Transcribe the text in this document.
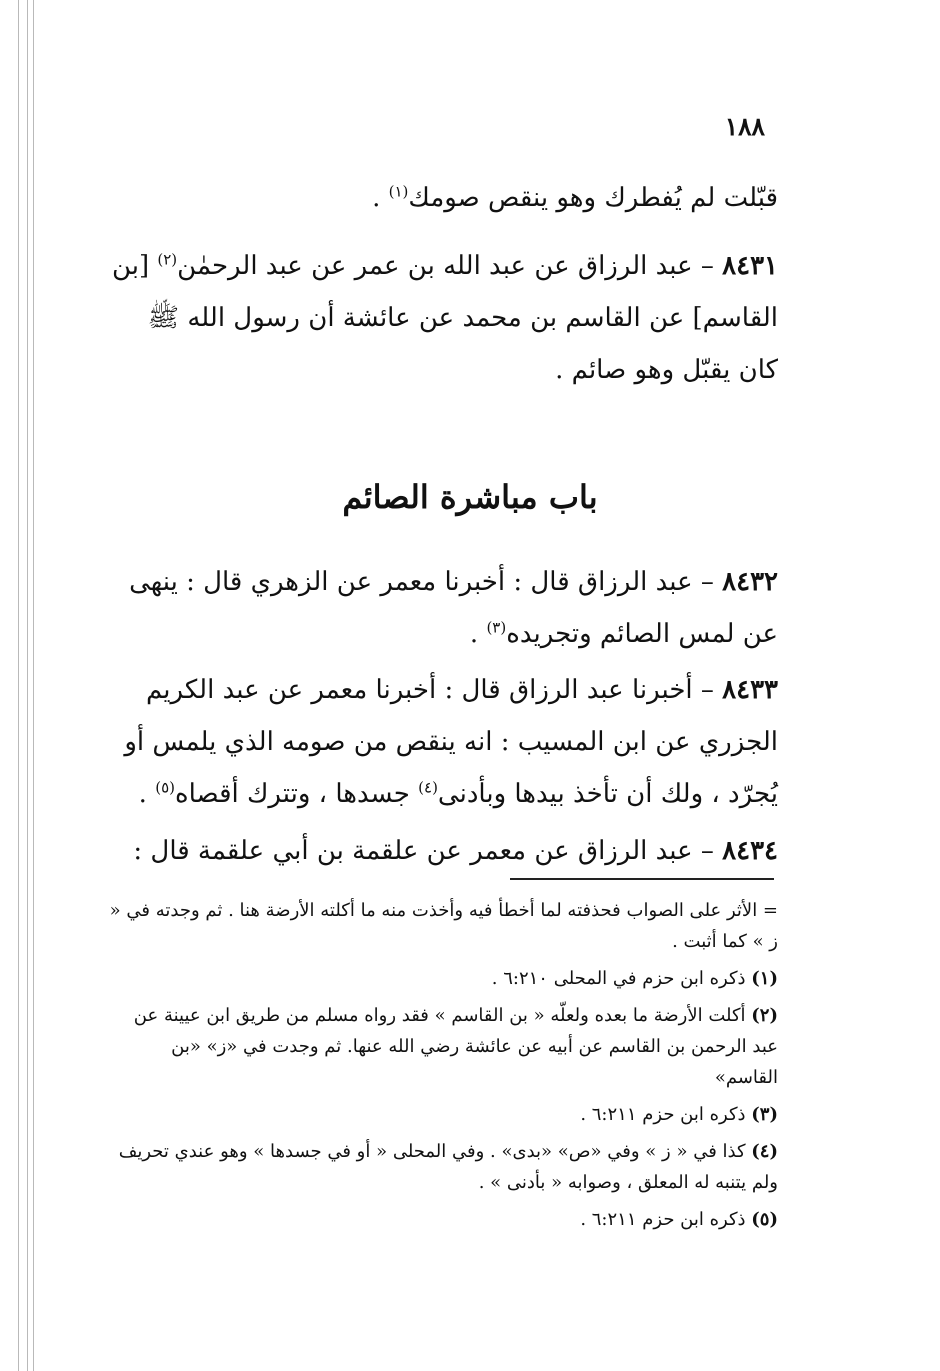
١٨٨

قبّلت لم يُفطرك وهو ينقص صومك$^{(١)}$ .

٨٤٣١ – عبد الرزاق عن عبد الله بن عمر عن عبد الرحمٰن$^{(٢)}$ [بن القاسم] عن القاسم بن محمد عن عائشة أن رسول الله ﷺ كان يقبّل وهو صائم .

باب مباشرة الصائم

٨٤٣٢ – عبد الرزاق قال : أخبرنا معمر عن الزهري قال : ينهى عن لمس الصائم وتجريده$^{(٣)}$ .

٨٤٣٣ – أخبرنا عبد الرزاق قال : أخبرنا معمر عن عبد الكريم الجزري عن ابن المسيب : انه ينقص من صومه الذي يلمس أو يُجرّد ، ولك أن تأخذ بيدها وبأدنى$^{(٤)}$ جسدها ، وتترك أقصاه$^{(٥)}$ .

٨٤٣٤ – عبد الرزاق عن معمر عن علقمة بن أبي علقمة قال :

= الأثر على الصواب فحذفته لما أخطأ فيه وأخذت منه ما أكلته الأرضة هنا . ثم وجدته في « ز » كما أثبت .

(١) ذكره ابن حزم في المحلى ٦:٢١٠ .

(٢) أكلت الأرضة ما بعده ولعلّه « بن القاسم » فقد رواه مسلم من طريق ابن عيينة عن عبد الرحمن بن القاسم عن أبيه عن عائشة رضي الله عنها. ثم وجدت في «ز» «بن القاسم»

(٣) ذكره ابن حزم ٦:٢١١ .

(٤) كذا في « ز » وفي «ص» «بدى» . وفي المحلى « أو في جسدها » وهو عندي تحريف ولم يتنبه له المعلق ، وصوابه « بأدنى » .

(٥) ذكره ابن حزم ٦:٢١١ .
